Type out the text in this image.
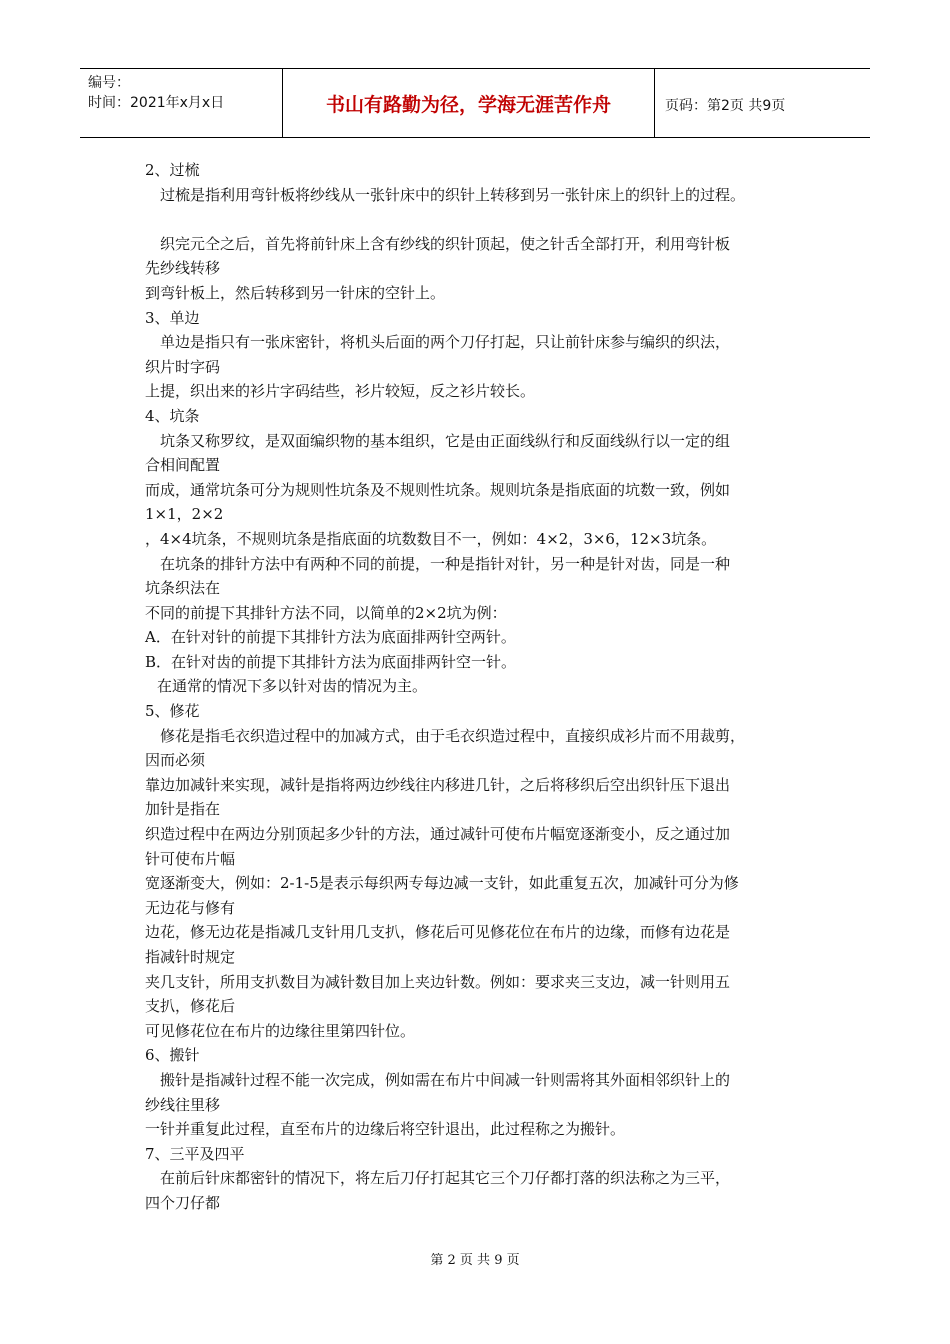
编号：
时间：2021年x月x日	书山有路勤为径，学海无涯苦作舟	页码：第2页 共9页
2、过梳
过梳是指利用弯针板将纱线从一张针床中的织针上转移到另一张针床上的织针上的过程。
织完元仝之后，首先将前针床上含有纱线的织针顶起，使之针舌全部打开，利用弯针板
先纱线转移
到弯针板上，然后转移到另一针床的空针上。
3、单边
单边是指只有一张床密针，将机头后面的两个刀仔打起，只让前针床参与编织的织法，
织片时字码
上提，织出来的衫片字码结些，衫片较短，反之衫片较长。
4、坑条
坑条又称罗纹，是双面编织物的基本组织，它是由正面线纵行和反面线纵行以一定的组
合相间配置
而成，通常坑条可分为规则性坑条及不规则性坑条。规则坑条是指底面的坑数一致，例如
1×1，2×2
，4×4坑条，不规则坑条是指底面的坑数数目不一，例如：4×2，3×6，12×3坑条。
在坑条的排针方法中有两种不同的前提，一种是指针对针，另一种是针对齿，同是一种
坑条织法在
不同的前提下其排针方法不同，以简单的2×2坑为例：
A．在针对针的前提下其排针方法为底面排两针空两针。
B．在针对齿的前提下其排针方法为底面排两针空一针。
在通常的情况下多以针对齿的情况为主。
5、修花
修花是指毛衣织造过程中的加减方式，由于毛衣织造过程中，直接织成衫片而不用裁剪，
因而必须
靠边加减针来实现，减针是指将两边纱线往内移进几针，之后将移织后空出织针压下退出
加针是指在
织造过程中在两边分别顶起多少针的方法，通过减针可使布片幅宽逐渐变小，反之通过加
针可使布片幅
宽逐渐变大，例如：2-1-5是表示每织两专每边减一支针，如此重复五次，加减针可分为修
无边花与修有
边花，修无边花是指减几支针用几支扒，修花后可见修花位在布片的边缘，而修有边花是
指减针时规定
夹几支针，所用支扒数目为减针数目加上夹边针数。例如：要求夹三支边，减一针则用五
支扒，修花后
可见修花位在布片的边缘往里第四针位。
6、搬针
搬针是指减针过程不能一次完成，例如需在布片中间减一针则需将其外面相邻织针上的
纱线往里移
一针并重复此过程，直至布片的边缘后将空针退出，此过程称之为搬针。
7、三平及四平
在前后针床都密针的情况下，将左后刀仔打起其它三个刀仔都打落的织法称之为三平，
四个刀仔都
第 2 页 共 9 页
